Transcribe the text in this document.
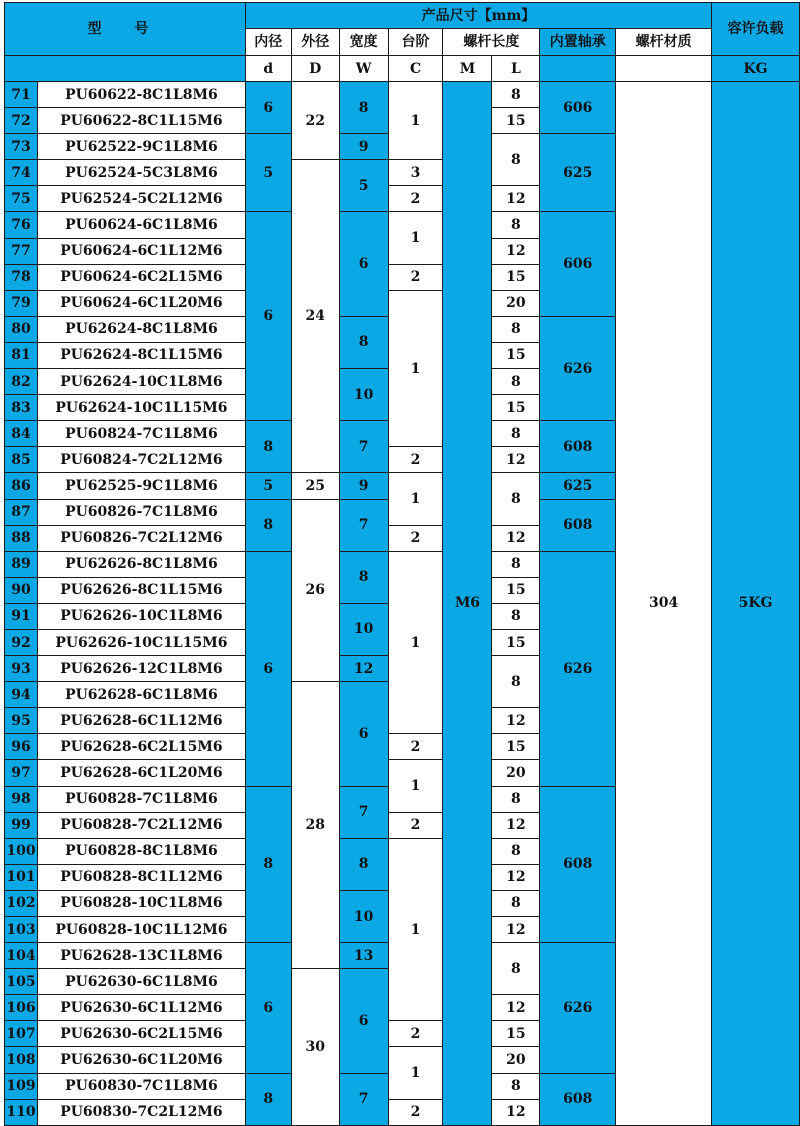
型 号		产品尺寸【mm】								容许负载
		内径	外径	宽度	台阶	螺杆长度		内置轴承	螺杆材质	
		d	D	W	C	M	L			KG
71	PU60622-8C1L8M6	6	22	8	1	M6	8	606	304	5KG
72	PU60622-8C1L15M6						15			
73	PU62522-9C1L8M6	5		9			8	625		
74	PU62524-5C3L8M6		24	5	3					
75	PU62524-5C2L12M6				2		12			
76	PU60624-6C1L8M6	6		6	1		8	606		
77	PU60624-6C1L12M6						12			
78	PU60624-6C2L15M6				2		15			
79	PU60624-6C1L20M6				1		20			
80	PU62624-8C1L8M6			8			8	626		
81	PU62624-8C1L15M6						15			
82	PU62624-10C1L8M6			10			8			
83	PU62624-10C1L15M6						15			
84	PU60824-7C1L8M6	8		7			8	608		
85	PU60824-7C2L12M6				2		12			
86	PU62525-9C1L8M6	5	25	9	1		8	625		
87	PU60826-7C1L8M6	8	26	7				608		
88	PU60826-7C2L12M6				2		12			
89	PU62626-8C1L8M6	6		8	1		8	626		
90	PU62626-8C1L15M6						15			
91	PU62626-10C1L8M6			10			8			
92	PU62626-10C1L15M6						15			
93	PU62626-12C1L8M6			12			8			
94	PU62628-6C1L8M6		28	6						
95	PU62628-6C1L12M6						12			
96	PU62628-6C2L15M6				2		15			
97	PU62628-6C1L20M6				1		20			
98	PU60828-7C1L8M6	8		7			8	608		
99	PU60828-7C2L12M6				2		12			
100	PU60828-8C1L8M6			8	1		8			
101	PU60828-8C1L12M6						12			
102	PU60828-10C1L8M6			10			8			
103	PU60828-10C1L12M6						12			
104	PU62628-13C1L8M6	6		13			8	626		
105	PU62630-6C1L8M6		30	6						
106	PU62630-6C1L12M6						12			
107	PU62630-6C2L15M6				2		15			
108	PU62630-6C1L20M6				1		20			
109	PU60830-7C1L8M6	8		7			8	608		
110	PU60830-7C2L12M6				2		12			
